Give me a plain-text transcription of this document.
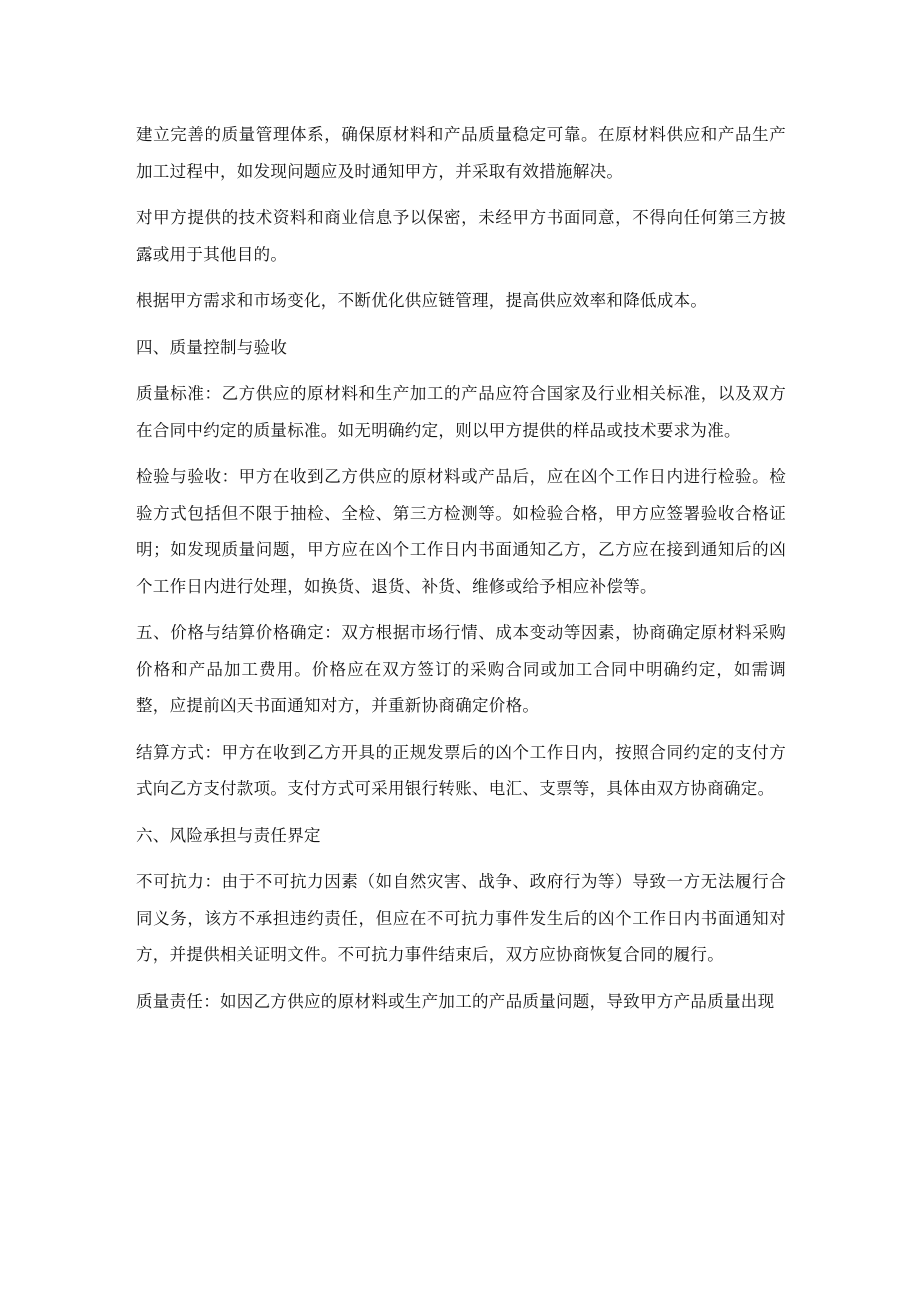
建立完善的质量管理体系，确保原材料和产品质量稳定可靠。在原材料供应和产品生产加工过程中，如发现问题应及时通知甲方，并采取有效措施解决。

对甲方提供的技术资料和商业信息予以保密，未经甲方书面同意，不得向任何第三方披露或用于其他目的。

根据甲方需求和市场变化，不断优化供应链管理，提高供应效率和降低成本。

四、质量控制与验收

质量标准：乙方供应的原材料和生产加工的产品应符合国家及行业相关标准，以及双方在合同中约定的质量标准。如无明确约定，则以甲方提供的样品或技术要求为准。

检验与验收：甲方在收到乙方供应的原材料或产品后，应在凶个工作日内进行检验。检验方式包括但不限于抽检、全检、第三方检测等。如检验合格，甲方应签署验收合格证明；如发现质量问题，甲方应在凶个工作日内书面通知乙方，乙方应在接到通知后的凶个工作日内进行处理，如换货、退货、补货、维修或给予相应补偿等。

五、价格与结算价格确定：双方根据市场行情、成本变动等因素，协商确定原材料采购价格和产品加工费用。价格应在双方签订的采购合同或加工合同中明确约定，如需调整，应提前凶天书面通知对方，并重新协商确定价格。

结算方式：甲方在收到乙方开具的正规发票后的凶个工作日内，按照合同约定的支付方式向乙方支付款项。支付方式可采用银行转账、电汇、支票等，具体由双方协商确定。

六、风险承担与责任界定

不可抗力：由于不可抗力因素（如自然灾害、战争、政府行为等）导致一方无法履行合同义务，该方不承担违约责任，但应在不可抗力事件发生后的凶个工作日内书面通知对方，并提供相关证明文件。不可抗力事件结束后，双方应协商恢复合同的履行。

质量责任：如因乙方供应的原材料或生产加工的产品质量问题，导致甲方产品质量出现
